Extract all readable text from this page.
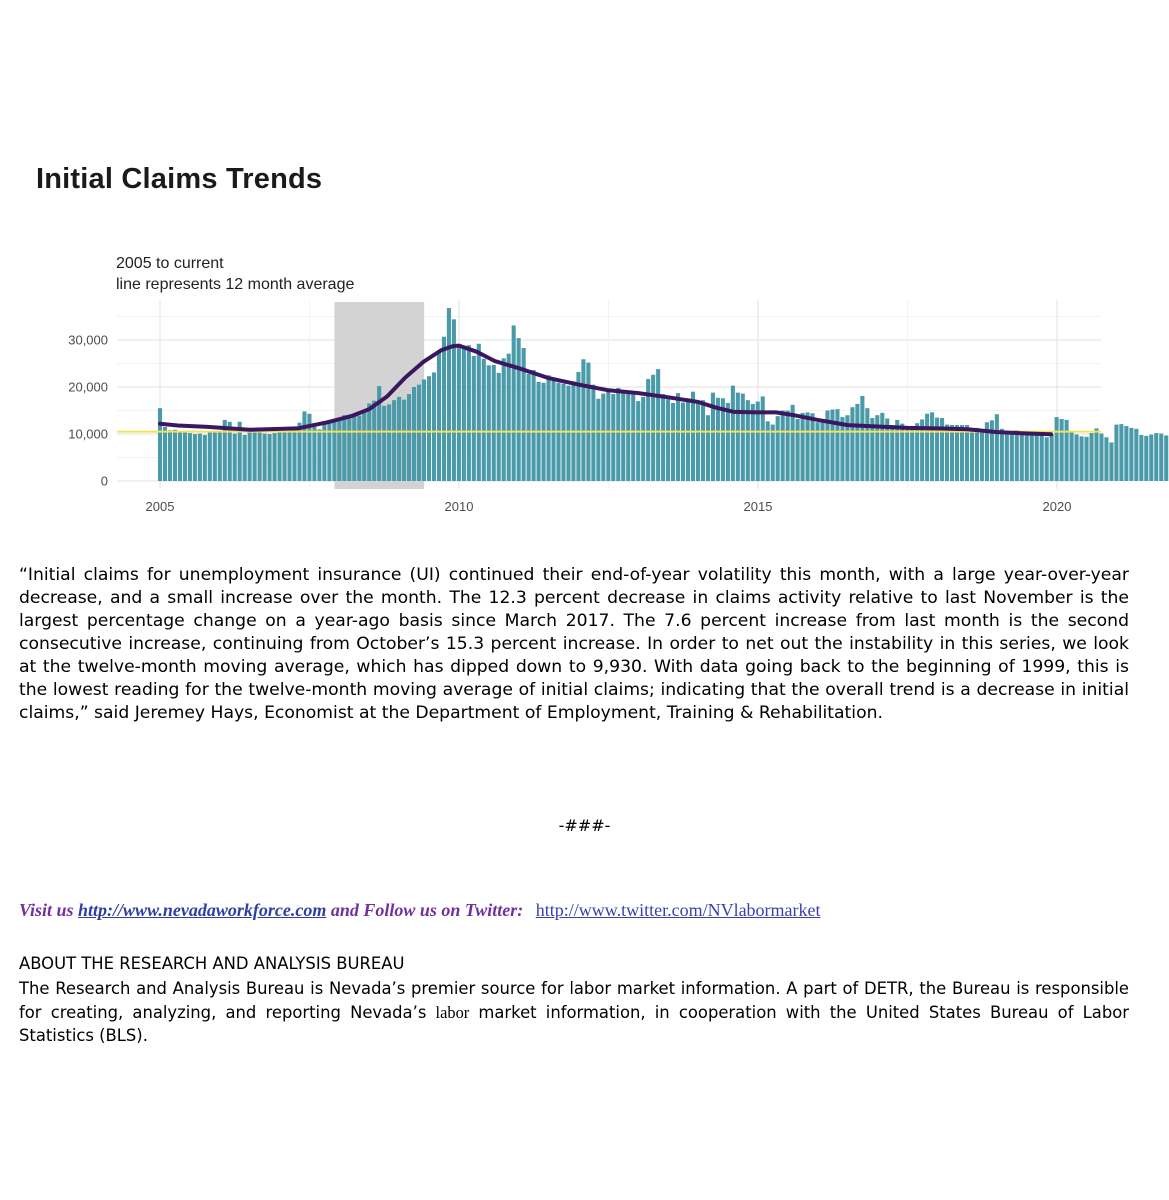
Initial Claims Trends
2005 to current
line represents 12 month average
0
10,000
20,000
30,000
2005	2010	2015	2020

“Initial claims for unemployment insurance (UI) continued their end-of-year volatility this month, with a large year-over-year decrease, and a small increase over the month. The 12.3 percent decrease in claims activity relative to last November is the largest percentage change on a year-ago basis since March 2017. The 7.6 percent increase from last month is the second consecutive increase, continuing from October’s 15.3 percent increase. In order to net out the instability in this series, we look at the twelve-month moving average, which has dipped down to 9,930. With data going back to the beginning of 1999, this is the lowest reading for the twelve-month moving average of initial claims; indicating that the overall trend is a decrease in initial claims,” said Jeremey Hays, Economist at the Department of Employment, Training & Rehabilitation.

-###-
Visit us http://www.nevadaworkforce.com and Follow us on Twitter: http://www.twitter.com/NVlabormarket
ABOUT THE RESEARCH AND ANALYSIS BUREAU

The Research and Analysis Bureau is Nevada’s premier source for labor market information. A part of DETR, the Bureau is responsible for creating, analyzing, and reporting Nevada’s labor market information, in cooperation with the United States Bureau of Labor Statistics (BLS).
